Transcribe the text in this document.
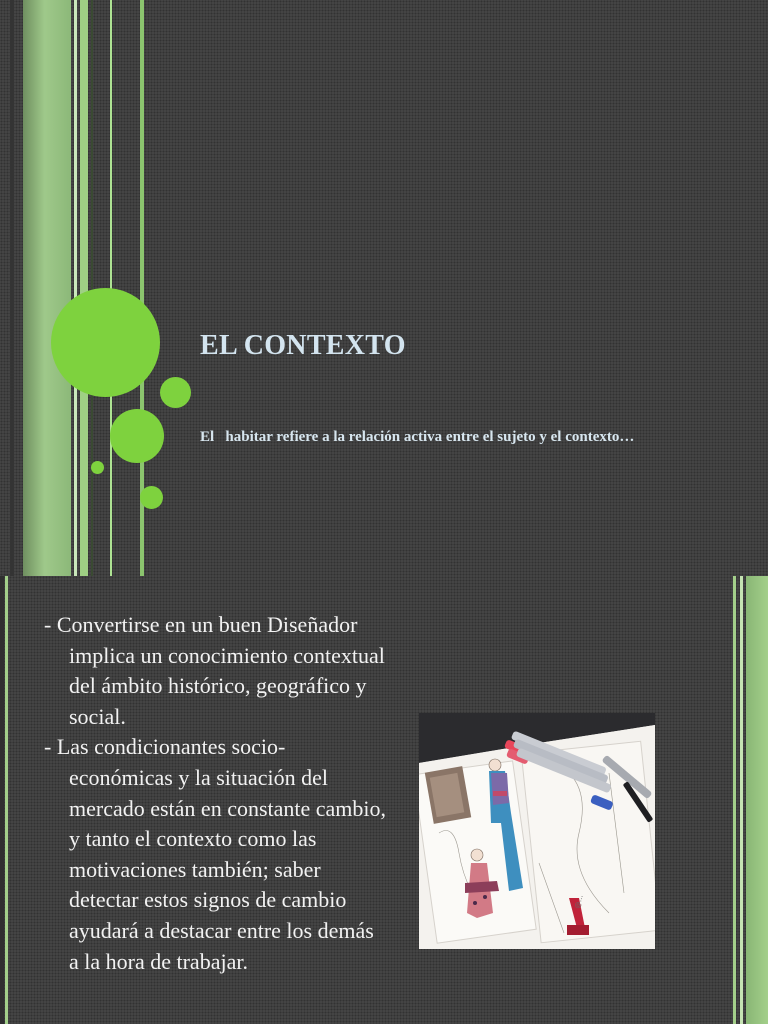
EL CONTEXTO

El   habitar refiere a la relación activa entre el sujeto y el contexto…

- Convertirse en un buen Diseñador implica un conocimiento contextual del ámbito histórico, geográfico y social.
- Las condicionantes socio-económicas y la situación del mercado están en constante cambio, y tanto el contexto como las motivaciones también; saber detectar estos signos de cambio ayudará a destacar entre los demás a la hora de trabajar.
@…
